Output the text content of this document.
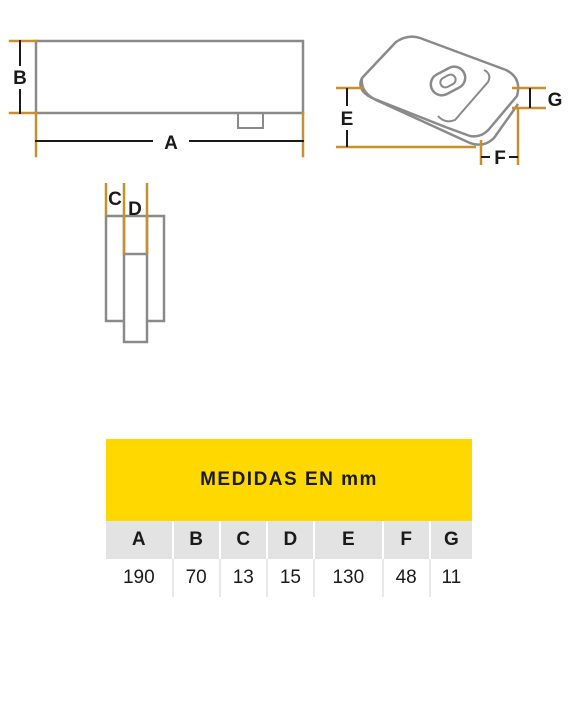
B
A
E
F
G
C D
MEDIDAS EN mm						
A	B	C	D	E	F	G
190	70	13	15	130	48	11
